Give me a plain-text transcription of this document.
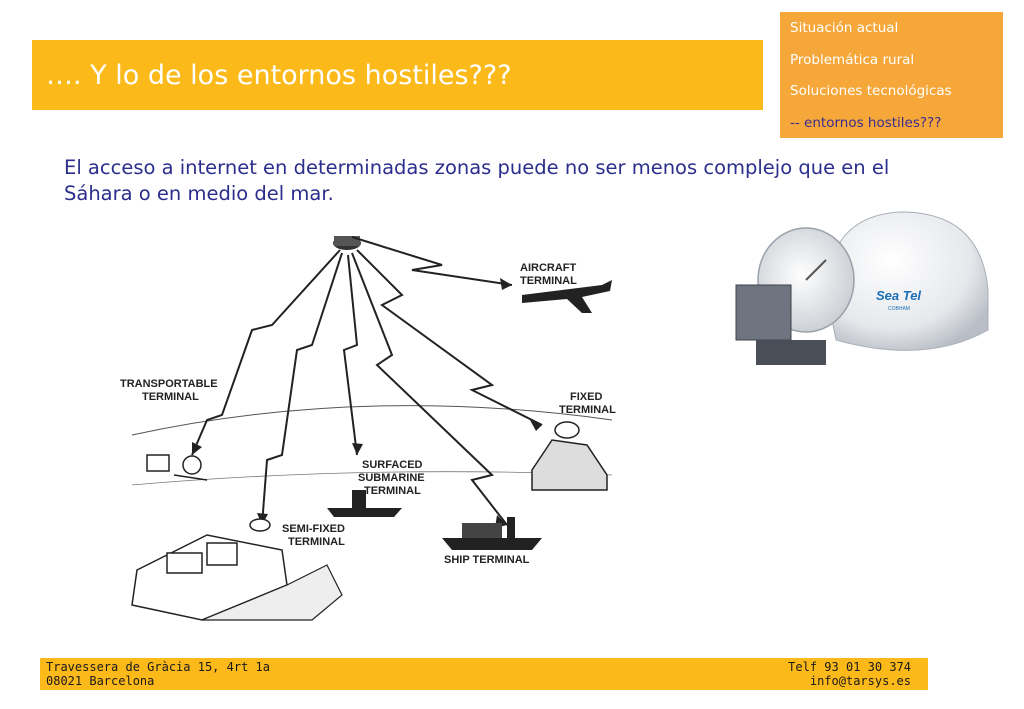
…. Y lo de los entornos hostiles???
Situación actual
Problemática rural
Soluciones tecnológicas
-- entornos hostiles???
El acceso a internet en determinadas zonas puede no ser menos complejo que en el Sáhara o en medio del mar.
AIRCRAFT
TERMINAL
TRANSPORTABLE
TERMINAL	FIXED
TERMINAL
SURFACED
SUBMARINE
TERMINAL
SHIP TERMINAL
SEMI-FIXED
TERMINAL
Sea Tel
COBHAM
Travessera de Gràcia 15, 4rt 1a
08021 Barcelona
Telf 93 01 30 374
info@tarsys.es
